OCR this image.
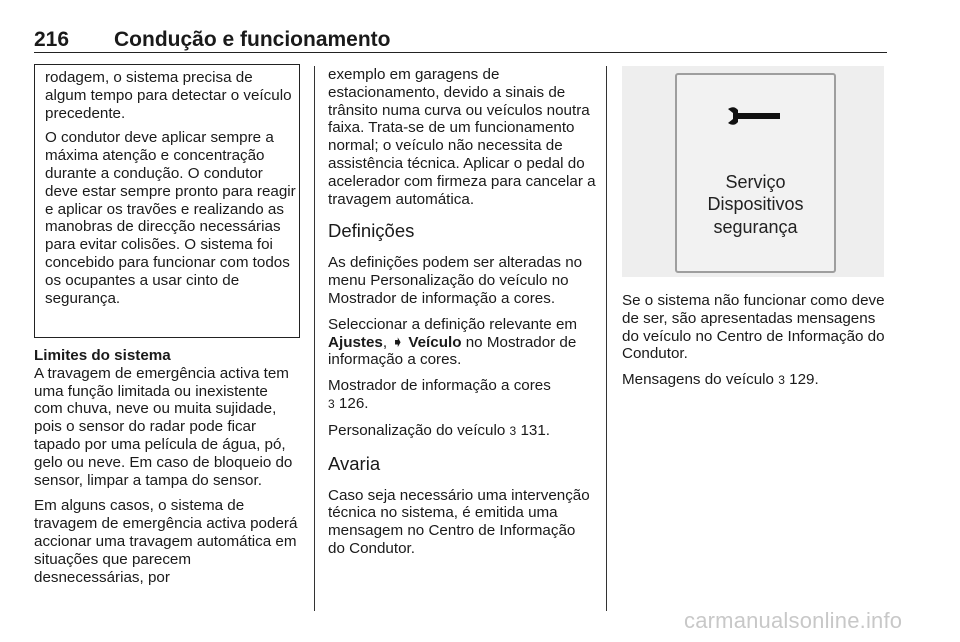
216 Condução e funcionamento

rodagem, o sistema precisa de algum tempo para detectar o veículo precedente.

O condutor deve aplicar sempre a máxima atenção e concentração durante a condução. O condutor deve estar sempre pronto para reagir e aplicar os travões e realizando as manobras de direcção necessárias para evitar colisões. O sistema foi concebido para funcionar com todos os ocupantes a usar cinto de segurança.

Limites do sistema

A travagem de emergência activa tem uma função limitada ou inexistente com chuva, neve ou muita sujidade, pois o sensor do radar pode ficar tapado por uma película de água, pó, gelo ou neve. Em caso de bloqueio do sensor, limpar a tampa do sensor.

Em alguns casos, o sistema de travagem de emergência activa poderá accionar uma travagem automática em situações que parecem desnecessárias, por

exemplo em garagens de estacionamento, devido a sinais de trânsito numa curva ou veículos noutra faixa. Trata-se de um funcionamento normal; o veículo não necessita de assistência técnica. Aplicar o pedal do acelerador com firmeza para cancelar a travagem automática.

Definições

As definições podem ser alteradas no menu Personalização do veículo no Mostrador de informação a cores.

Seleccionar a definição relevante em Ajustes, ➧ Veículo no Mostrador de informação a cores.

Mostrador de informação a cores
3 126.

Personalização do veículo 3 131.

Avaria

Caso seja necessário uma intervenção técnica no sistema, é emitida uma mensagem no Centro de Informação do Condutor.

Serviço
Dispositivos
segurança

Se o sistema não funcionar como deve de ser, são apresentadas mensagens do veículo no Centro de Informação do Condutor.

Mensagens do veículo 3 129.

carmanualsonline.info
